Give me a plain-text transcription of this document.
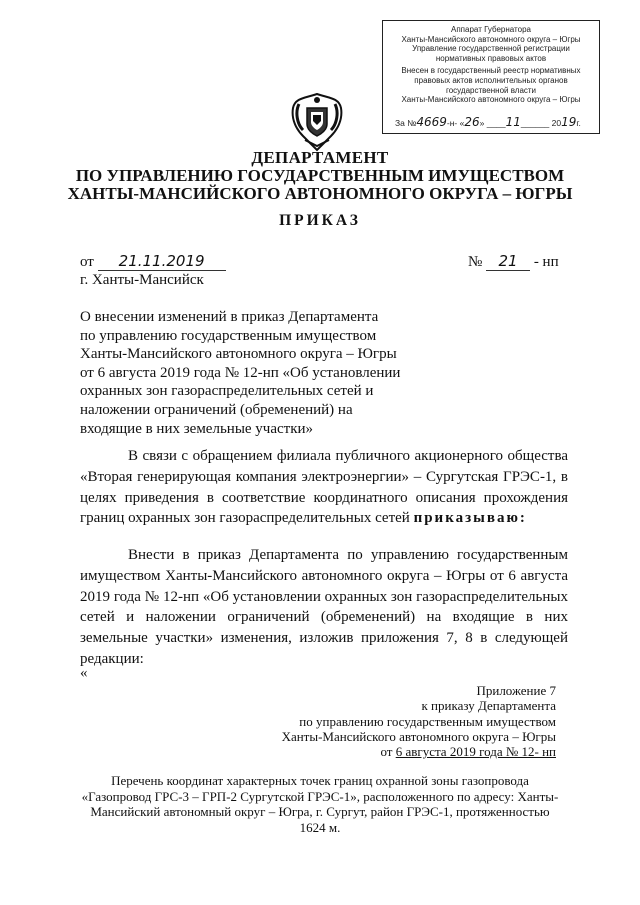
Аппарат Губернатора
Ханты-Мансийского автономного округа – Югры
Управление государственной регистрации
нормативных правовых актов
Внесен в государственный реестр нормативных
правовых актов исполнительных органов
государственной власти
Ханты-Мансийского автономного округа – Югры
За №4669-н- «26» ____11______ 2019г.
ДЕПАРТАМЕНТ
ПО УПРАВЛЕНИЮ ГОСУДАРСТВЕННЫМ ИМУЩЕСТВОМ
ХАНТЫ-МАНСИЙСКОГО АВТОНОМНОГО ОКРУГА – ЮГРЫ
ПРИКАЗ
от 21.11.2019	№ 21 - нп
г. Ханты-Мансийск
О внесении изменений в приказ Департамента
по управлению государственным имуществом
Ханты-Мансийского автономного округа – Югры
от 6 августа 2019 года № 12-нп «Об установлении
охранных зон газораспределительных сетей и
наложении ограничений (обременений) на
входящие в них земельные участки»
В связи с обращением филиала публичного акционерного общества «Вторая генерирующая компания электроэнергии» – Сургутская ГРЭС-1, в целях приведения в соответствие координатного описания прохождения границ охранных зон газораспределительных сетей приказываю:
Внести в приказ Департамента по управлению государственным имуществом Ханты-Мансийского автономного округа – Югры от 6 августа 2019 года № 12-нп «Об установлении охранных зон газораспределительных сетей и наложении ограничений (обременений) на входящие в них земельные участки» изменения, изложив приложения 7, 8 в следующей редакции:
«
Приложение 7
к приказу Департамента
по управлению государственным имуществом
Ханты-Мансийского автономного округа – Югры
от 6 августа 2019 года № 12- нп
Перечень координат характерных точек границ охранной зоны газопровода
«Газопровод ГРС-3 – ГРП-2 Сургутской ГРЭС-1», расположенного по адресу: Ханты-
Мансийский автономный округ – Югра, г. Сургут, район ГРЭС-1, протяженностью
1624 м.
